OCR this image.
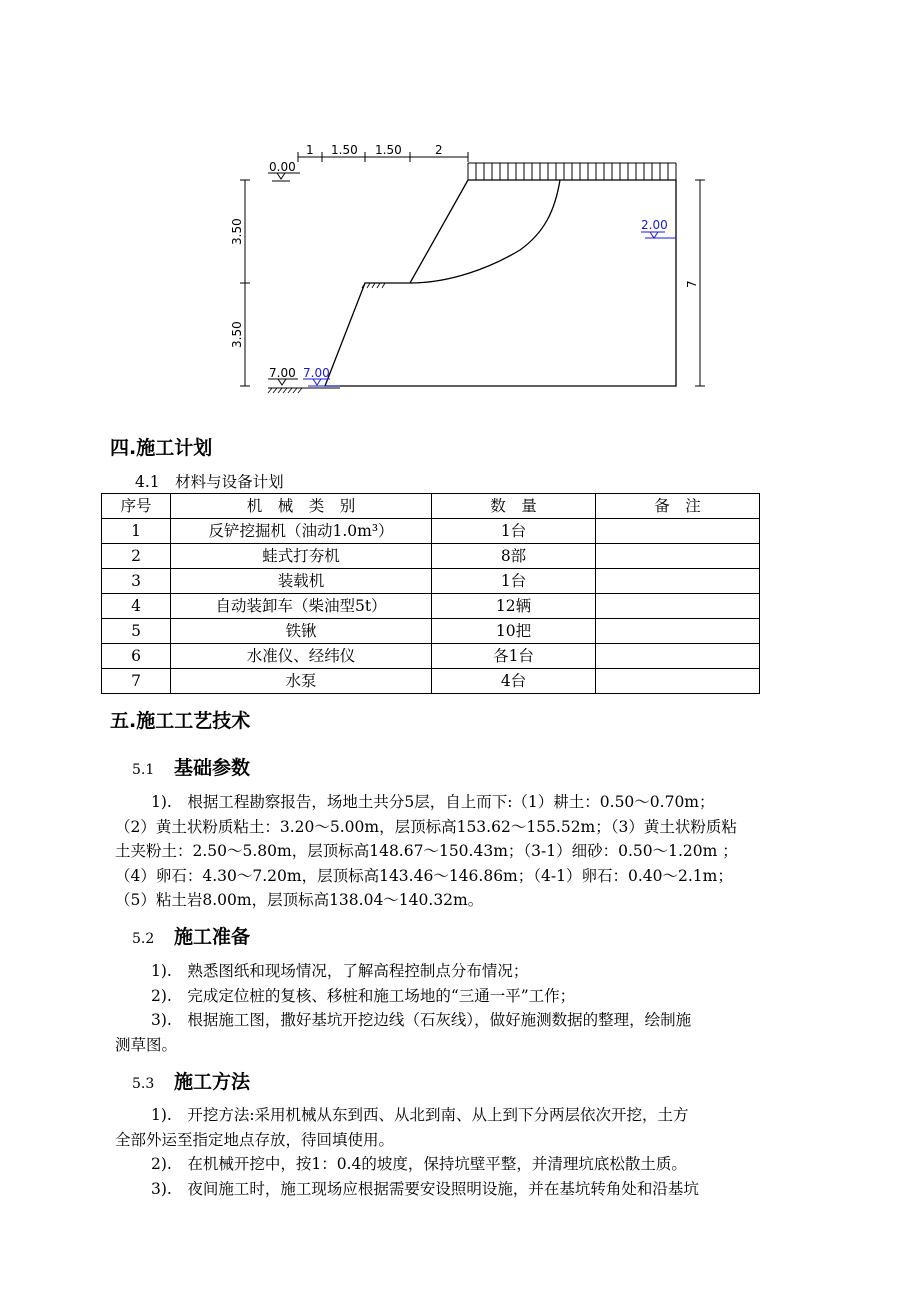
1 1.50 1.50	2
0.00
3.50
3.50
7
2.00
7.00 7.00
四.施工计划
4.1　材料与设备计划
序号	机　械　类　别	数　量	备　注
1	反铲挖掘机（油动1.0m³）	1台	
2	蛙式打夯机	8部	
3	装载机	1台	
4	自动装卸车（柴油型5t）	12辆	
5	铁锹	10把	
6	水准仪、经纬仪	各1台	
7	水泵	4台	
五.施工工艺技术
5.1 基础参数
1).　根据工程勘察报告，场地土共分5层，自上而下:（1）耕土：0.50～0.70m；
（2）黄土状粉质粘土：3.20～5.00m，层顶标高153.62～155.52m；（3）黄土状粉质粘
土夹粉土：2.50～5.80m，层顶标高148.67～150.43m；（3-1）细砂：0.50～1.20m ；
（4）卵石：4.30～7.20m，层顶标高143.46～146.86m；（4-1）卵石：0.40～2.1m；
（5）粘土岩8.00m，层顶标高138.04～140.32m。
5.2 施工准备
1).　熟悉图纸和现场情况，了解高程控制点分布情况；
2).　完成定位桩的复核、移桩和施工场地的“三通一平”工作；
3).　根据施工图，撒好基坑开挖边线（石灰线），做好施测数据的整理，绘制施
测草图。
5.3 施工方法
1).　开挖方法:采用机械从东到西、从北到南、从上到下分两层依次开挖，土方
全部外运至指定地点存放，待回填使用。
2).　在机械开挖中，按1：0.4的坡度，保持坑壁平整，并清理坑底松散土质。
3).　夜间施工时，施工现场应根据需要安设照明设施，并在基坑转角处和沿基坑
